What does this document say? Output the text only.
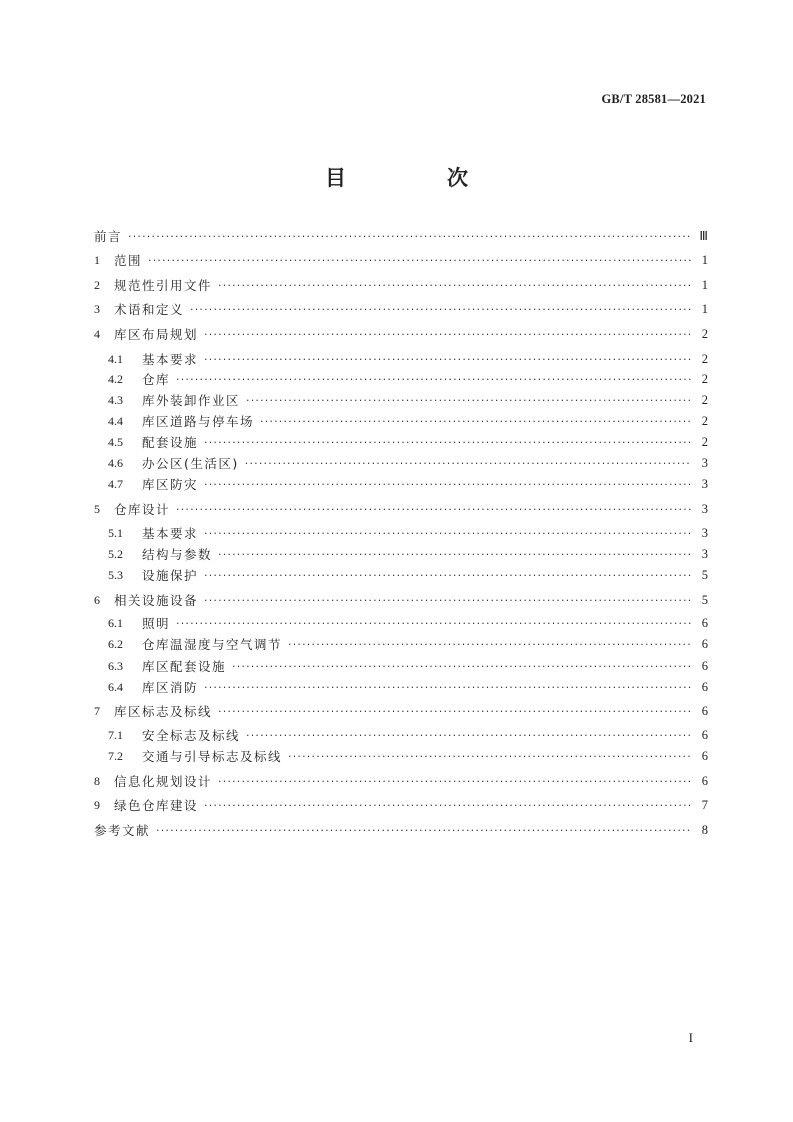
GB/T 28581—2021
目　次
前言 ·····	Ⅲ
1	范围 ·····	1
2	规范性引用文件 ·····	1
3	术语和定义 ·····	1
4	库区布局规划 ·····	2
4.1	基本要求 ·····	2
4.2	仓库 ·····	2
4.3	库外装卸作业区 ·····	2
4.4	库区道路与停车场 ·····	2
4.5	配套设施 ·····	2
4.6	办公区(生活区) ·····	3
4.7	库区防灾 ·····	3
5	仓库设计 ·····	3
5.1	基本要求 ·····	3
5.2	结构与参数 ·····	3
5.3	设施保护 ·····	5
6	相关设施设备 ·····	5
6.1	照明 ·····	6
6.2	仓库温湿度与空气调节 ·····	6
6.3	库区配套设施 ·····	6
6.4	库区消防 ·····	6
7	库区标志及标线 ·····	6
7.1	安全标志及标线 ·····	6
7.2	交通与引导标志及标线 ·····	6
8	信息化规划设计 ·····	6
9	绿色仓库建设 ·····	7
参考文献 ·····	8
I
